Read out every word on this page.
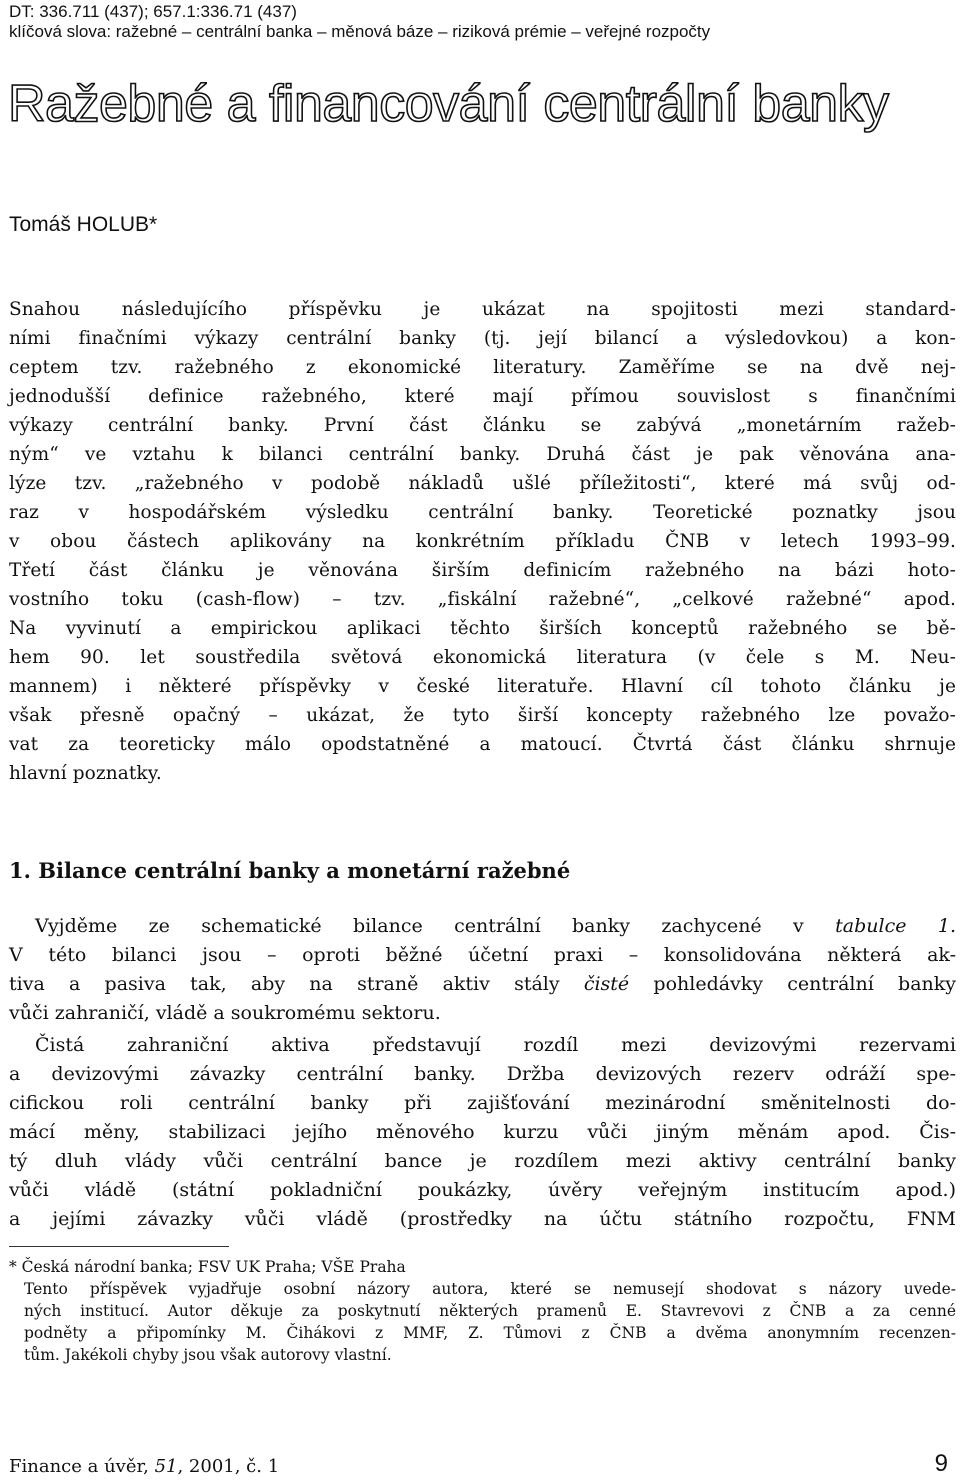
DT: 336.711 (437); 657.1:336.71 (437)
klíčová slova: ražebné – centrální banka – měnová báze – riziková prémie – veřejné rozpočty
Ražebné a financování centrální banky
Tomáš HOLUB*

Snahou následujícího příspěvku je ukázat na spojitosti mezi standard-
ními finačními výkazy centrální banky (tj. její bilancí a výsledovkou) a kon-
ceptem tzv. ražebného z ekonomické literatury. Zaměříme se na dvě nej-
jednodušší definice ražebného, které mají přímou souvislost s finančními
výkazy centrální banky. První část článku se zabývá „monetárním ražeb-
ným“ ve vztahu k bilanci centrální banky. Druhá část je pak věnována ana-
lýze tzv. „ražebného v podobě nákladů ušlé příležitosti“, které má svůj od-
raz v hospodářském výsledku centrální banky. Teoretické poznatky jsou
v obou částech aplikovány na konkrétním příkladu ČNB v letech 1993–99.
Třetí část článku je věnována širším definicím ražebného na bázi hoto-
vostního toku (cash-flow) – tzv. „fiskální ražebné“, „celkové ražebné“ apod.
Na vyvinutí a empirickou aplikaci těchto širších konceptů ražebného se bě-
hem 90. let soustředila světová ekonomická literatura (v čele s M. Neu-
mannem) i některé příspěvky v české literatuře. Hlavní cíl tohoto článku je
však přesně opačný – ukázat, že tyto širší koncepty ražebného lze považo-
vat za teoreticky málo opodstatněné a matoucí. Čtvrtá část článku shrnuje
hlavní poznatky.

1. Bilance centrální banky a monetární ražebné

Vyjděme ze schematické bilance centrální banky zachycené v tabulce 1.
V této bilanci jsou – oproti běžné účetní praxi – konsolidována některá ak-
tiva a pasiva tak, aby na straně aktiv stály čisté pohledávky centrální banky
vůči zahraničí, vládě a soukromému sektoru.

Čistá zahraniční aktiva představují rozdíl mezi devizovými rezervami
a devizovými závazky centrální banky. Držba devizových rezerv odráží spe-
cifickou roli centrální banky při zajišťování mezinárodní směnitelnosti do-
mácí měny, stabilizaci jejího měnového kurzu vůči jiným měnám apod. Čis-
tý dluh vlády vůči centrální bance je rozdílem mezi aktivy centrální banky
vůči vládě (státní pokladniční poukázky, úvěry veřejným institucím apod.)
a jejími závazky vůči vládě (prostředky na účtu státního rozpočtu, FNM

* Česká národní banka; FSV UK Praha; VŠE Praha

Tento příspěvek vyjadřuje osobní názory autora, které se nemusejí shodovat s názory uvede-
ných institucí. Autor děkuje za poskytnutí některých pramenů E. Stavrevovi z ČNB a za cenné
podněty a připomínky M. Čihákovi z MMF, Z. Tůmovi z ČNB a dvěma anonymním recenzen-
tům. Jakékoli chyby jsou však autorovy vlastní.

Finance a úvěr, 51, 2001, č. 1	9
